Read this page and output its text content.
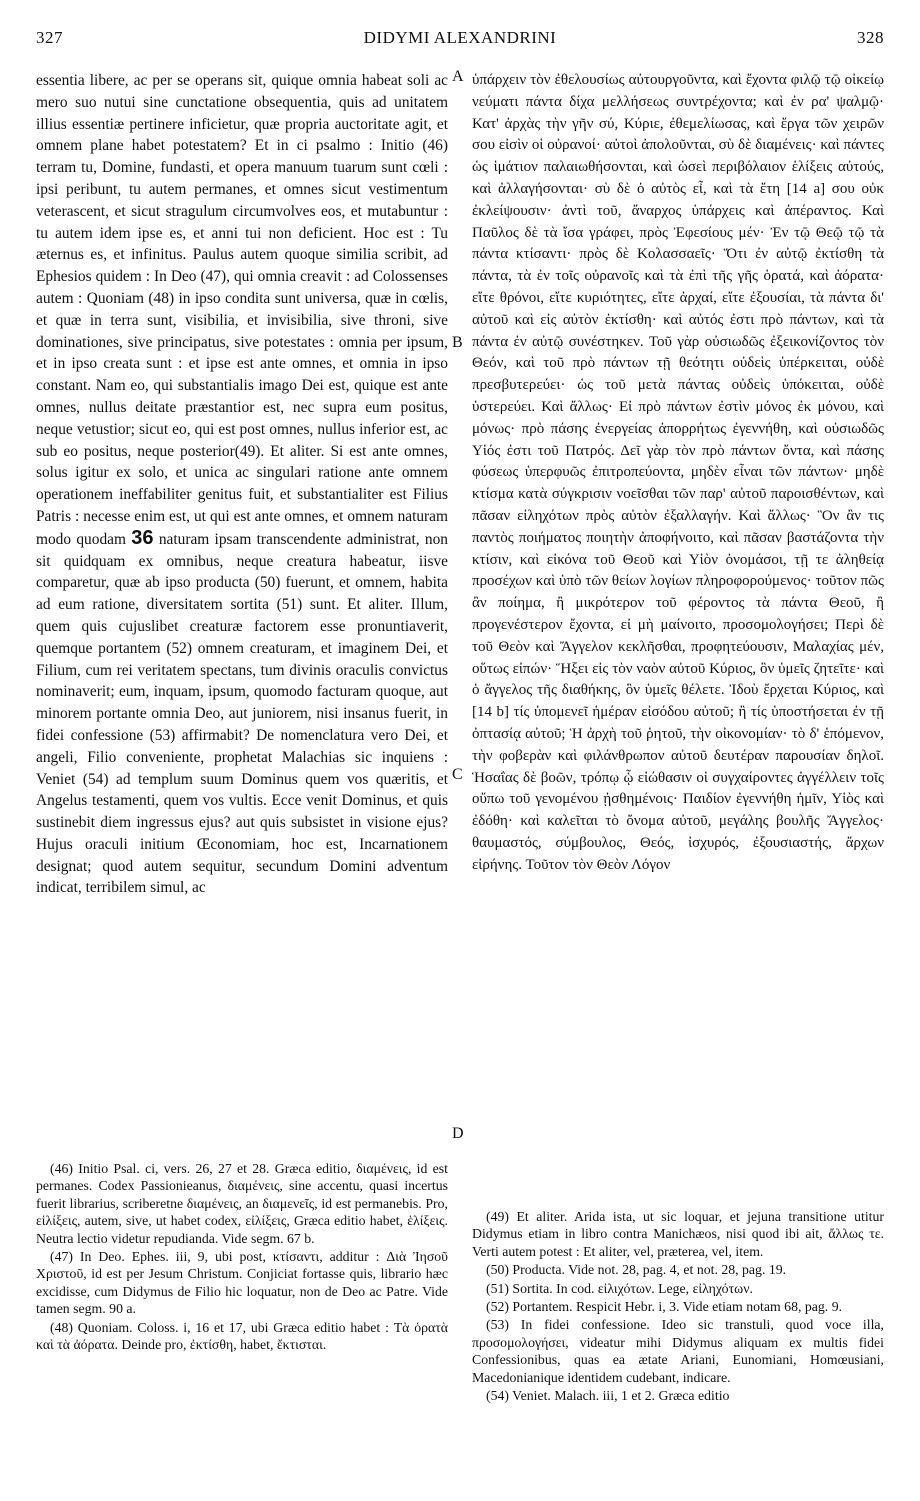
327	DIDYMI ALEXANDRINI	328

essentia libere, ac per se operans sit, quique omnia habeat soli ac mero suo nutui sine cunctatione obsequentia, quis ad unitatem illius essentiæ pertinere inficietur, quæ propria auctoritate agit, et omnem plane habet potestatem? Et in ci psalmo : Initio (46) terram tu, Domine, fundasti, et opera manuum tuarum sunt cœli : ipsi peribunt, tu autem permanes, et omnes sicut vestimentum veterascent, et sicut stragulum circumvolves eos, et mutabuntur : tu autem idem ipse es, et anni tui non deficient. Hoc est : Tu æternus es, et infinitus. Paulus autem quoque similia scribit, ad Ephesios quidem : In Deo (47), qui omnia creavit : ad Colossenses autem : Quoniam (48) in ipso condita sunt universa, quæ in cœlis, et quæ in terra sunt, visibilia, et invisibilia, sive throni, sive dominationes, sive principatus, sive potestates : omnia per ipsum, et in ipso creata sunt : et ipse est ante omnes, et omnia in ipso constant. Nam eo, qui substantialis imago Dei est, quique est ante omnes, nullus deitate præstantior est, nec supra eum positus, neque vetustior; sicut eo, qui est post omnes, nullus inferior est, ac sub eo positus, neque posterior(49). Et aliter. Si est ante omnes, solus igitur ex solo, et unica ac singulari ratione ante omnem operationem ineffabiliter genitus fuit, et substantialiter est Filius Patris : necesse enim est, ut qui est ante omnes, et omnem naturam modo quodam 36 naturam ipsam transcendente administrat, non sit quidquam ex omnibus, neque creatura habeatur, iisve comparetur, quæ ab ipso producta (50) fuerunt, et omnem, habita ad eum ratione, diversitatem sortita (51) sunt. Et aliter. Illum, quem quis cujuslibet creaturæ factorem esse pronuntiaverit, quemque portantem (52) omnem creaturam, et imaginem Dei, et Filium, cum rei veritatem spectans, tum divinis oraculis convictus nominaverit; eum, inquam, ipsum, quomodo facturam quoque, aut minorem portante omnia Deo, aut juniorem, nisi insanus fuerit, in fidei confessione (53) affirmabit? De nomenclatura vero Dei, et angeli, Filio conveniente, prophetat Malachias sic inquiens : Veniet (54) ad templum suum Dominus quem vos quæritis, et Angelus testamenti, quem vos vultis. Ecce venit Dominus, et quis sustinebit diem ingressus ejus? aut quis subsistet in visione ejus? Hujus oraculi initium Œconomiam, hoc est, Incarnationem designat; quod autem sequitur, secundum Domini adventum indicat, terribilem simul, ac

A
B
C
D

ὑπάρχειν τὸν ἐθελουσίως αὐτουργοῦντα, καὶ ἔχοντα φιλῷ τῷ οἰκείῳ νεύματι πάντα δίχα μελλήσεως συντρέχοντα; καὶ ἐν ρα' ψαλμῷ· Κατ' ἀρχὰς τὴν γῆν σύ, Κύριε, ἐθεμελίωσας, καὶ ἔργα τῶν χειρῶν σου εἰσὶν οἱ οὐρανοί· αὐτοὶ ἀπολοῦνται, σὺ δὲ διαμένεις· καὶ πάντες ὡς ἱμάτιον παλαιωθήσονται, καὶ ὡσεὶ περιβόλαιον ἑλίξεις αὐτούς, καὶ ἀλλαγήσονται· σὺ δὲ ὁ αὐτὸς εἶ, καὶ τὰ ἔτη [14 a] σου οὐκ ἐκλείψουσιν· ἀντὶ τοῦ, ἄναρχος ὑπάρχεις καὶ ἀπέραντος. Καὶ Παῦλος δὲ τὰ ἴσα γράφει, πρὸς Ἐφεσίους μέν· Ἐν τῷ Θεῷ τῷ τὰ πάντα κτίσαντι· πρὸς δὲ Κολασσαεῖς· Ὅτι ἐν αὐτῷ ἐκτίσθη τὰ πάντα, τὰ ἐν τοῖς οὐρανοῖς καὶ τὰ ἐπὶ τῆς γῆς ὁρατά, καὶ ἀόρατα· εἴτε θρόνοι, εἴτε κυριότητες, εἴτε ἀρχαί, εἴτε ἐξουσίαι, τὰ πάντα δι' αὐτοῦ καὶ εἰς αὐτὸν ἐκτίσθη· καὶ αὐτός ἐστι πρὸ πάντων, καὶ τὰ πάντα ἐν αὐτῷ συνέστηκεν. Τοῦ γὰρ οὐσιωδῶς ἐξεικονίζοντος τὸν Θεόν, καὶ τοῦ πρὸ πάντων τῇ θεότητι οὐδεὶς ὑπέρκειται, οὐδὲ πρεσβυτερεύει· ὡς τοῦ μετὰ πάντας οὐδεὶς ὑπόκειται, οὐδὲ ὑστερεύει. Καὶ ἄλλως· Εἰ πρὸ πάντων ἐστὶν μόνος ἐκ μόνου, καὶ μόνως· πρὸ πάσης ἐνεργείας ἀπορρήτως ἐγεννήθη, καὶ οὐσιωδῶς Υἱός ἐστι τοῦ Πατρός. Δεῖ γὰρ τὸν πρὸ πάντων ὄντα, καὶ πάσης φύσεως ὑπερφυῶς ἐπιτροπεύοντα, μηδὲν εἶναι τῶν πάντων· μηδὲ κτίσμα κατὰ σύγκρισιν νοεῖσθαι τῶν παρ' αὐτοῦ παροισθέντων, καὶ πᾶσαν εἰληχότων πρὸς αὐτὸν ἐξαλλαγήν. Καὶ ἄλλως· Ὃν ἂν τις παντὸς ποιήματος ποιητὴν ἀποφήνοιτο, καὶ πᾶσαν βαστάζοντα τὴν κτίσιν, καὶ εἰκόνα τοῦ Θεοῦ καὶ Υἱὸν ὀνομάσοι, τῇ τε ἀληθείᾳ προσέχων καὶ ὑπὸ τῶν θείων λογίων πληροφορούμενος· τοῦτον πῶς ἂν ποίημα, ἢ μικρότερον τοῦ φέροντος τὰ πάντα Θεοῦ, ἢ προγενέστερον ἔχοντα, εἰ μὴ μαίνοιτο, προσομολογήσει; Περὶ δὲ τοῦ Θεὸν καὶ Ἄγγελον κεκλῆσθαι, προφητεύουσιν, Μαλαχίας μέν, οὕτως εἰπών· Ἥξει εἰς τὸν ναὸν αὐτοῦ Κύριος, ὃν ὑμεῖς ζητεῖτε· καὶ ὁ ἄγγελος τῆς διαθήκης, ὃν ὑμεῖς θέλετε. Ἰδοὺ ἔρχεται Κύριος, καὶ [14 b] τίς ὑπομενεῖ ἡμέραν εἰσόδου αὐτοῦ; ἢ τίς ὑποστήσεται ἐν τῇ ὀπτασίᾳ αὐτοῦ; Ἡ ἀρχὴ τοῦ ῥητοῦ, τὴν οἰκονομίαν· τὸ δ' ἑπόμενον, τὴν φοβερὰν καὶ φιλάνθρωπον αὐτοῦ δευτέραν παρουσίαν δηλοῖ. Ἡσαΐας δὲ βοῶν, τρόπῳ ᾧ εἰώθασιν οἱ συγχαίροντες ἀγγέλλειν τοῖς οὔπω τοῦ γενομένου ᾐσθημένοις· Παιδίον ἐγεννήθη ἡμῖν, Υἱὸς καὶ ἐδόθη· καὶ καλεῖται τὸ ὄνομα αὐτοῦ, μεγάλης βουλῆς Ἄγγελος· θαυμαστός, σύμβουλος, Θεός, ἰσχυρός, ἐξουσιαστής, ἄρχων εἰρήνης. Τοῦτον τὸν Θεὸν Λόγον

(46) Initio Psal. ci, vers. 26, 27 et 28. Græca editio, διαμένεις, id est permanes. Codex Passionieanus, διαμένεις, sine accentu, quasi incertus fuerit librarius, scriberetne διαμένεις, an διαμενεῖς, id est permanebis. Pro, εἱλίξεις, autem, sive, ut habet codex, εἰλίξεις, Græca editio habet, ἑλίξεις. Neutra lectio videtur repudianda. Vide segm. 67 b.

(47) In Deo. Ephes. iii, 9, ubi post, κτίσαντι, additur : Διὰ Ἰησοῦ Χριστοῦ, id est per Jesum Christum. Conjiciat fortasse quis, librario hæc excidisse, cum Didymus de Filio hic loquatur, non de Deo ac Patre. Vide tamen segm. 90 a.

(48) Quoniam. Coloss. i, 16 et 17, ubi Græca editio habet : Τὰ ὁρατὰ καὶ τὰ ἀόρατα. Deinde pro, ἐκτίσθη, habet, ἔκτισται.

(49) Et aliter. Arida ista, ut sic loquar, et jejuna transitione utitur Didymus etiam in libro contra Manichæos, nisi quod ibi ait, ἄλλως τε. Verti autem potest : Et aliter, vel, præterea, vel, item.

(50) Producta. Vide not. 28, pag. 4, et not. 28, pag. 19.

(51) Sortita. In cod. εἰλιχότων. Lege, εἰληχότων.

(52) Portantem. Respicit Hebr. i, 3. Vide etiam notam 68, pag. 9.

(53) In fidei confessione. Ideo sic transtuli, quod voce illa, προσομολογήσει, videatur mihi Didymus aliquam ex multis fidei Confessionibus, quas ea ætate Ariani, Eunomiani, Homœusiani, Macedonianique identidem cudebant, indicare.

(54) Veniet. Malach. iii, 1 et 2. Græca editio
